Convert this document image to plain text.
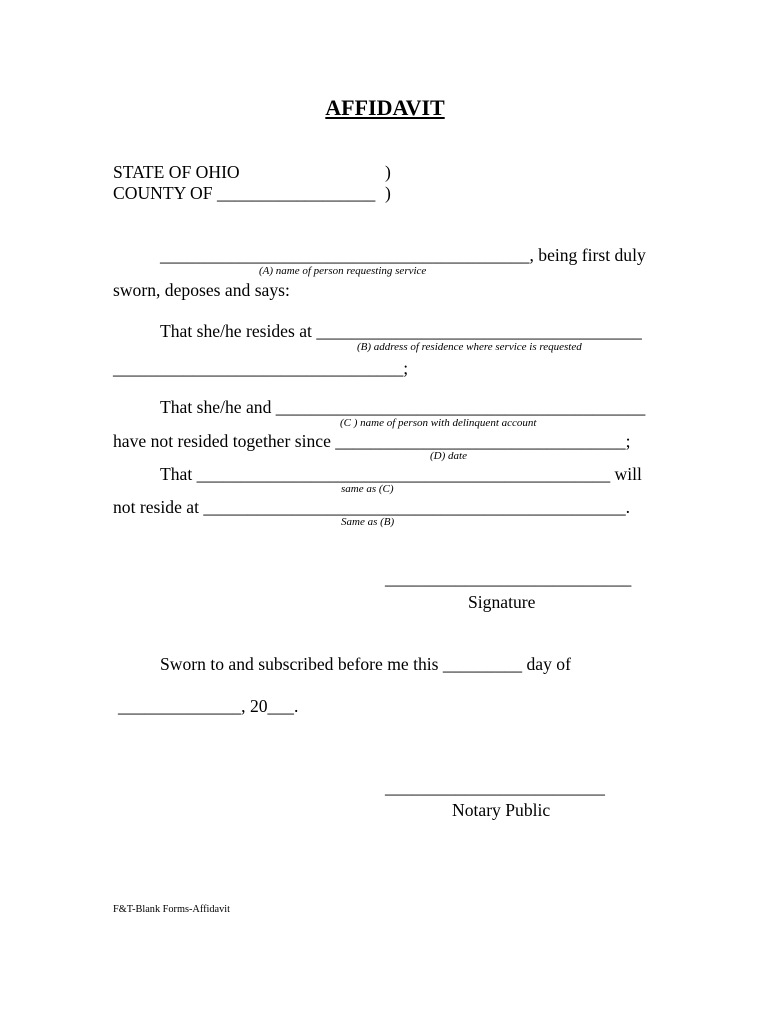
AFFIDAVIT
STATE OF OHIO	)
COUNTY OF __________________ )
__________________________________________, being first duly
(A) name of person requesting service
sworn, deposes and says:
That she/he resides at _____________________________________
(B) address of residence where service is requested
_________________________________;
That she/he and __________________________________________
(C ) name of person with delinquent account
have not resided together since _________________________________;
(D) date
That _______________________________________________ will
same as (C)
not reside at ________________________________________________.
Same as (B)
____________________________
Signature
Sworn to and subscribed before me this _________ day of
______________, 20___.
_________________________
Notary Public
F&T-Blank Forms-Affidavit
